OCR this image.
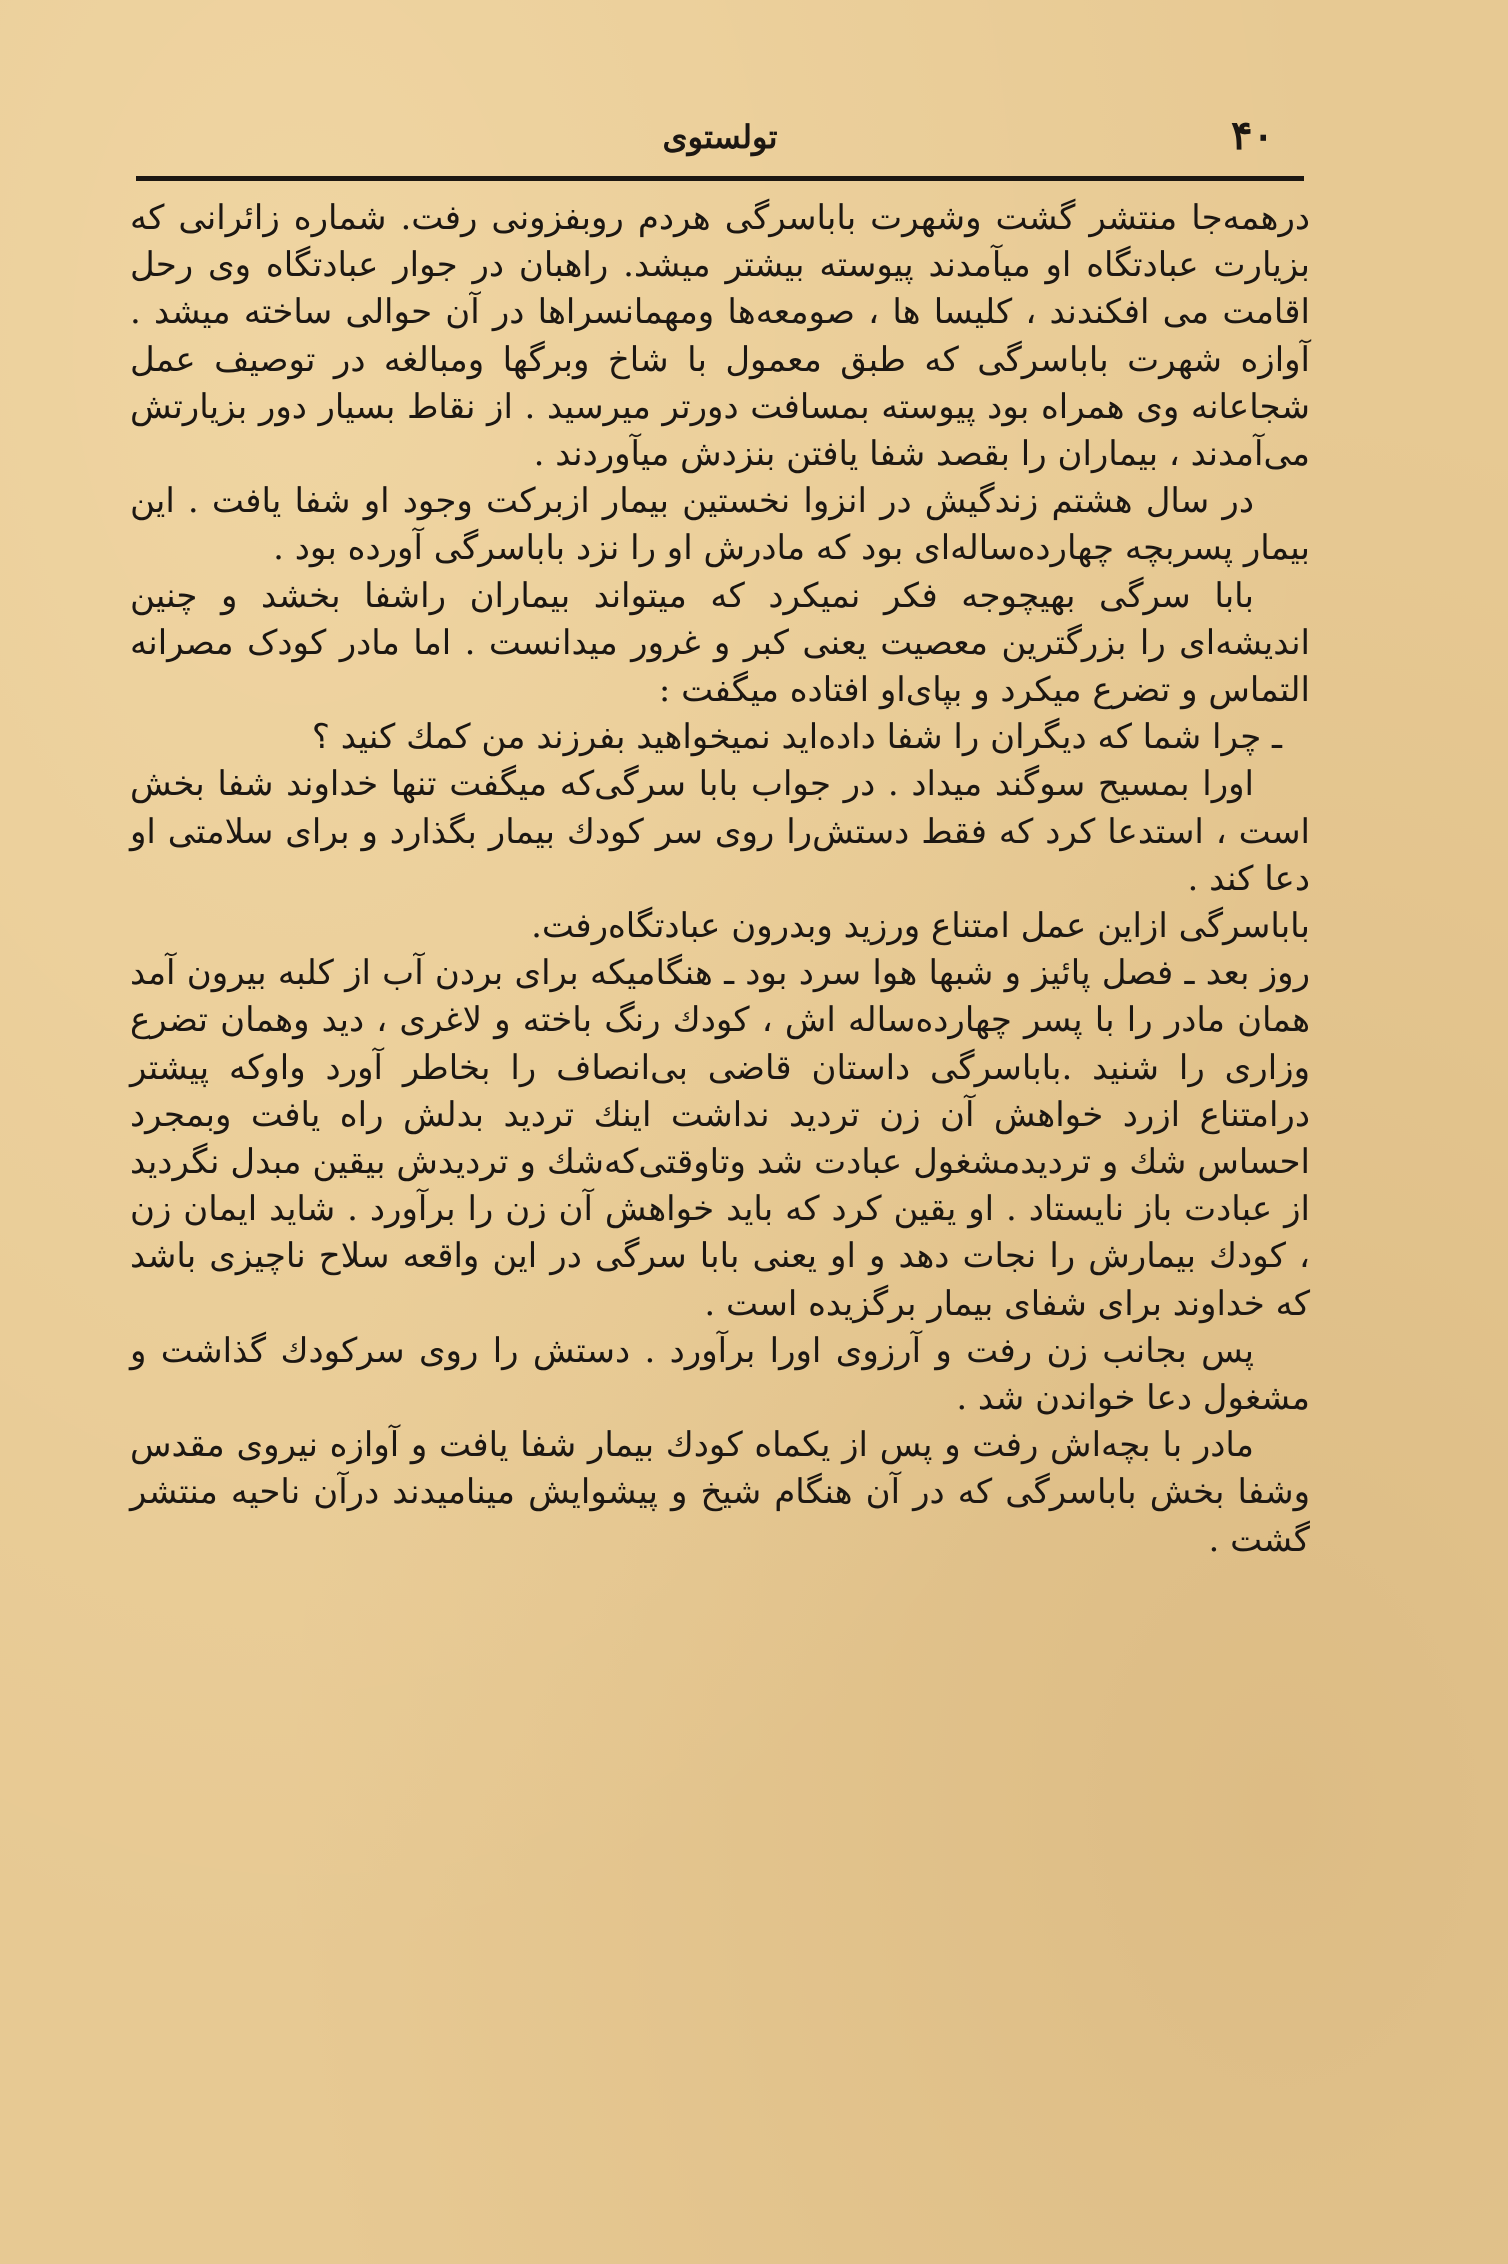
۴۰
تولستوی

درهمه‌جا منتشر گشت وشهرت باباسرگی هردم روبفزونی رفت. شماره زائرانی که بزیارت عبادتگاه او میآمدند پیوسته بیشتر میشد. راهبان در جوار عبادتگاه وی رحل اقامت می افکندند ، کلیسا ها ، صومعه‌ها ومهمانسراها در آن حوالی ساخته میشد . آوازه شهرت باباسرگی که طبق معمول با شاخ وبرگها ومبالغه در توصیف عمل شجاعانه وی همراه بود پیوسته بمسافت دورتر میرسید . از نقاط بسیار دور بزیارتش می‌آمدند ، بیماران را بقصد شفا یافتن بنزدش میآوردند .

در سال هشتم زندگیش در انزوا نخستین بیمار ازبرکت وجود او شفا یافت . این بیمار پسربچه چهارده‌ساله‌ای بود که مادرش او را نزد باباسرگی آورده بود .

بابا سرگی بهیچوجه فکر نمیکرد که میتواند بیماران راشفا بخشد و چنین اندیشه‌ای را بزرگترین معصیت یعنی کبر و غرور میدانست . اما مادر کودک مصرانه التماس و تضرع میکرد و بپای‌او افتاده میگفت :

ـ چرا شما که دیگران را شفا داده‌اید نمیخواهید بفرزند من کمك کنید ؟

اورا بمسیح سوگند میداد . در جواب بابا سرگی‌که میگفت تنها خداوند شفا بخش است ، استدعا کرد که فقط دستش‌را روی سر کودك بیمار بگذارد و برای سلامتی او دعا کند .

باباسرگی ازاین عمل امتناع ورزید وبدرون عبادتگاه‌رفت.

روز بعد ـ فصل پائیز و شبها هوا سرد بود ـ هنگامیکه برای بردن آب از کلبه بیرون آمد همان مادر را با پسر چهارده‌ساله اش ، کودك رنگ باخته و لاغری ، دید وهمان تضرع وزاری را شنید .باباسرگی داستان قاضی بی‌انصاف را بخاطر آورد واوکه پیشتر درامتناع ازرد خواهش آن زن تردید نداشت اینك تردید بدلش راه یافت وبمجرد احساس شك و تردیدمشغول عبادت شد وتاوقتی‌که‌شك و تردیدش بیقین مبدل نگردید از عبادت باز نایستاد . او یقین کرد که باید خواهش آن زن را برآورد . شاید ایمان زن ، کودك بیمارش را نجات دهد و او یعنی بابا سرگی در این واقعه سلاح ناچیزی باشد که خداوند برای شفای بیمار برگزیده است .

پس بجانب زن رفت و آرزوی اورا برآورد . دستش را روی سرکودك گذاشت و مشغول دعا خواندن شد .

مادر با بچه‌اش رفت و پس از یکماه کودك بیمار شفا یافت و آوازه نیروی مقدس وشفا بخش باباسرگی که در آن هنگام شیخ و پیشوایش مینامیدند درآن ناحیه منتشر گشت .
